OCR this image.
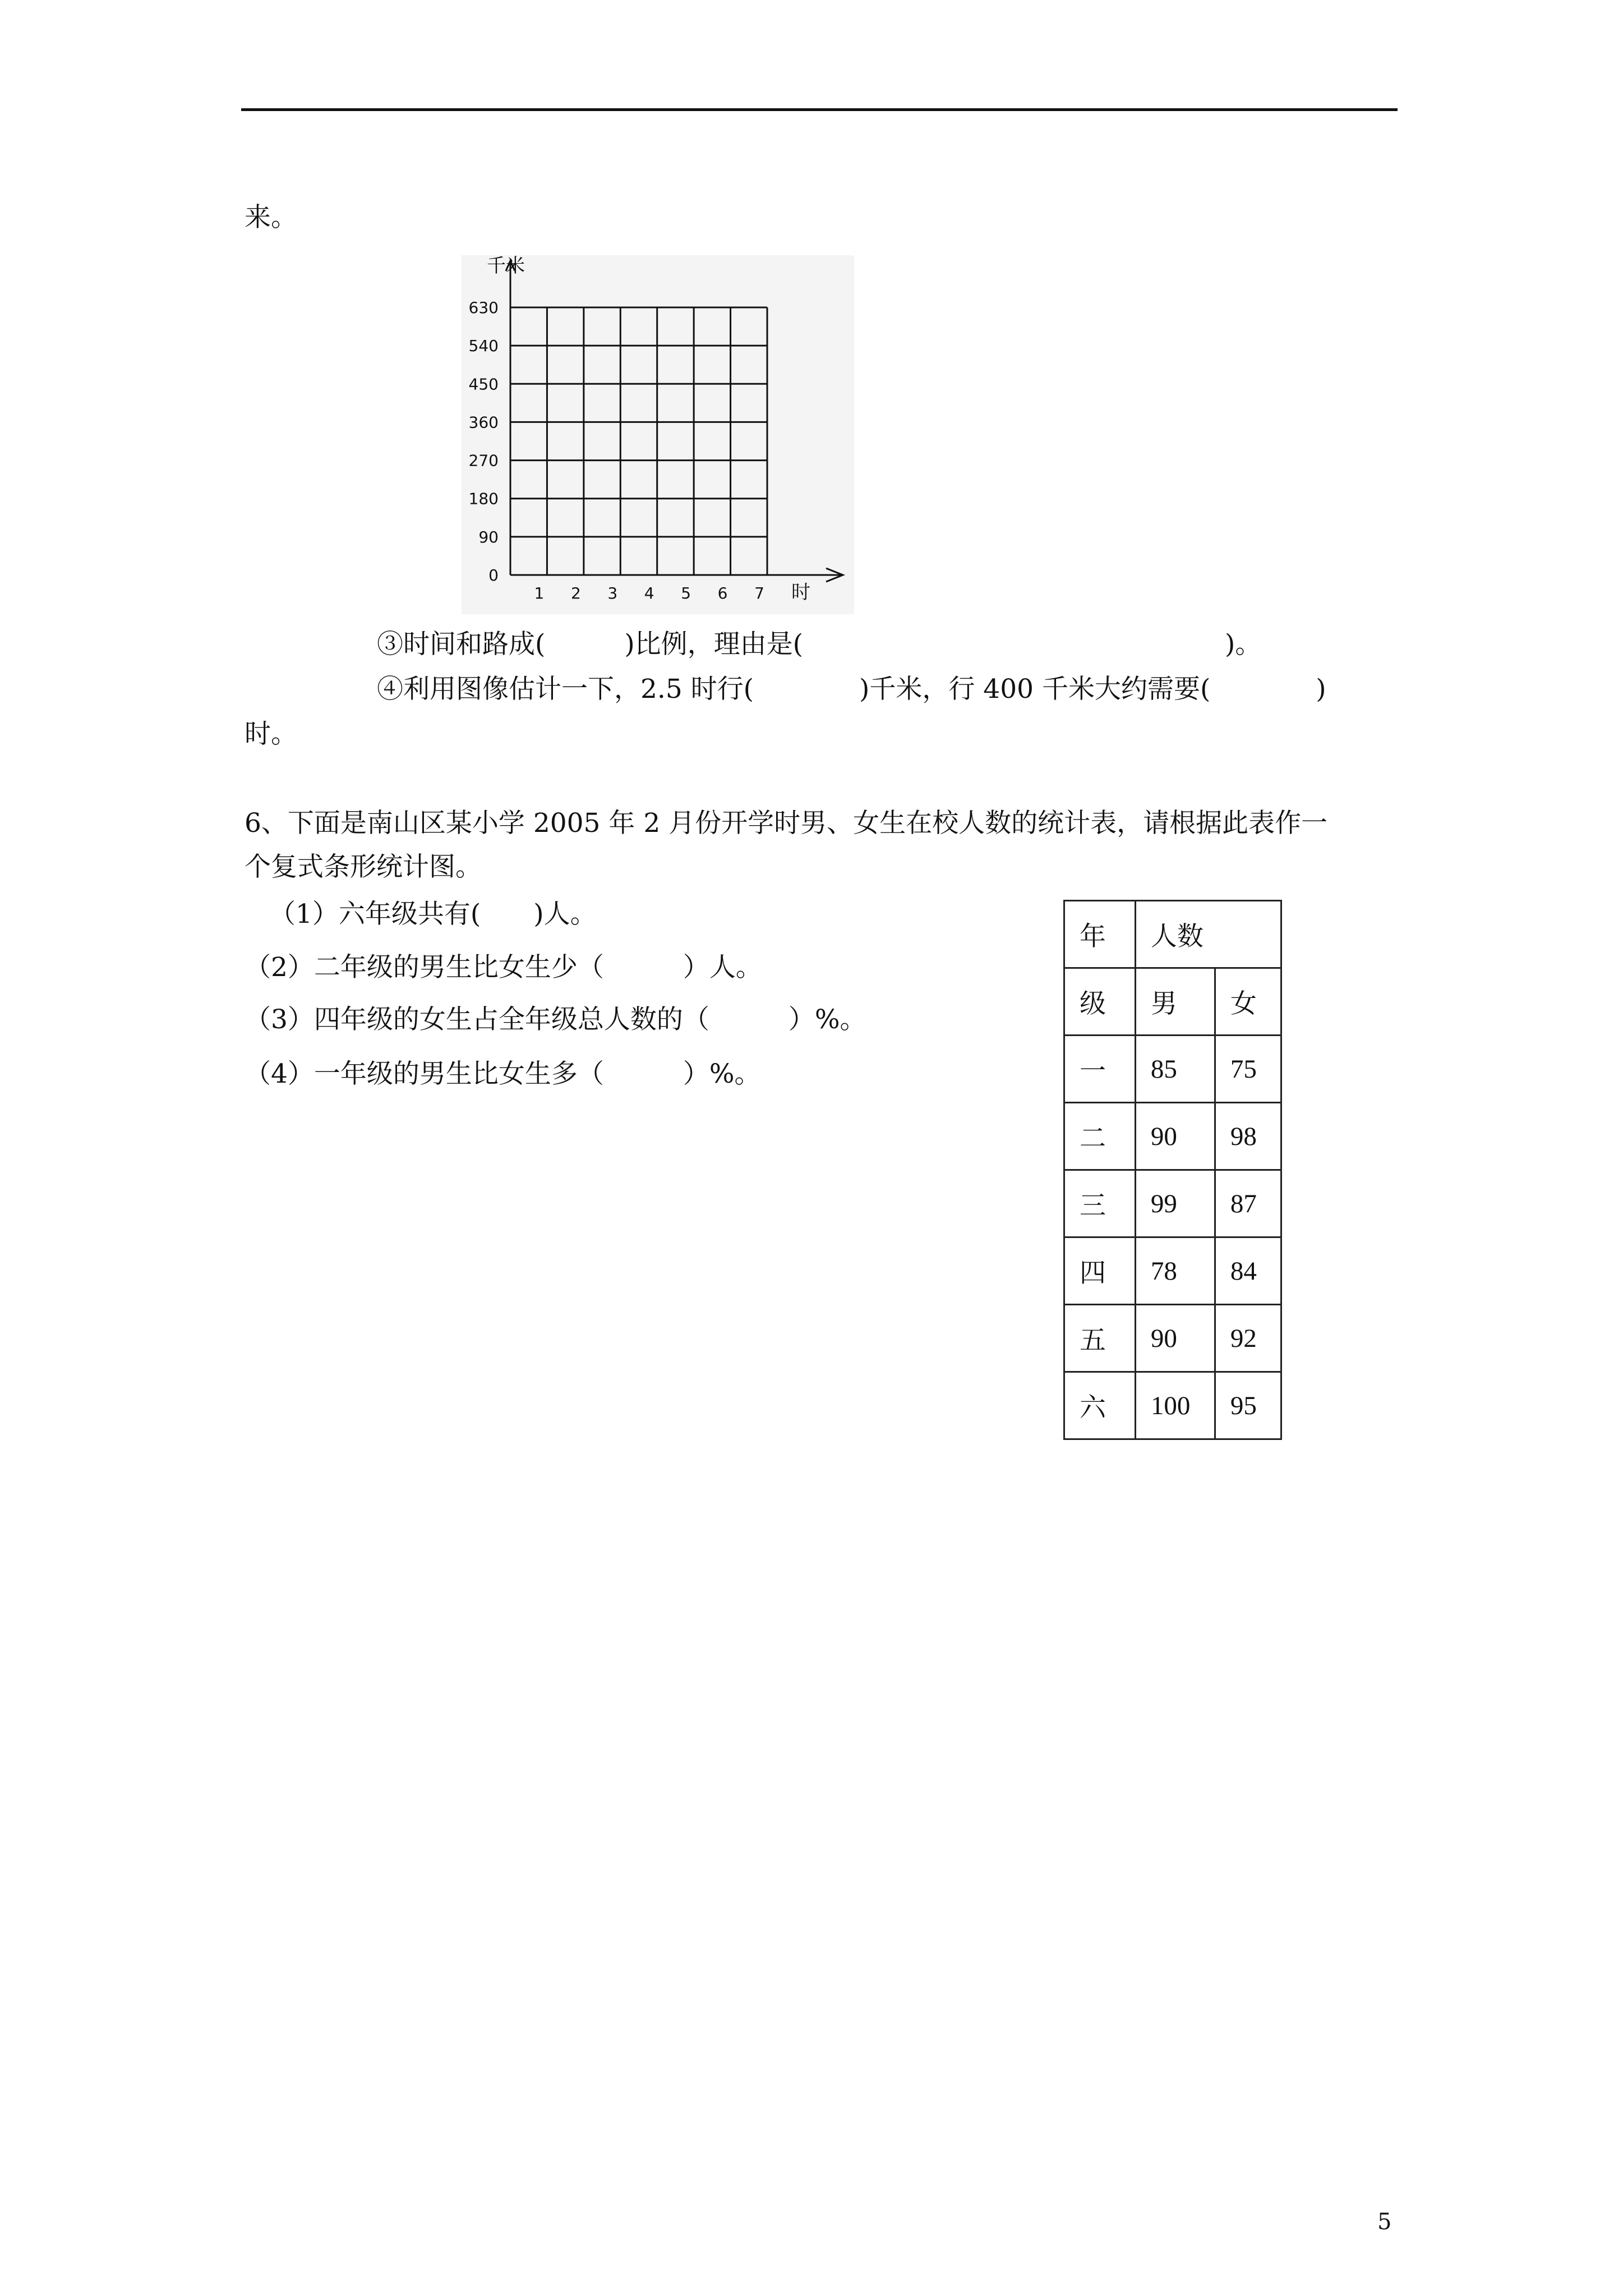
来。
0
90
180
270
360
450
540
630
1 2 3 4 5 6 7
千米
时
③时间和路成(　　　)比例，理由是(　　　　　　　　　　　　　　　　)。
④利用图像估计一下，2.5 时行(　　　　)千米，行 400 千米大约需要(　　　　)
时。
6、下面是南山区某小学 2005 年 2 月份开学时男、女生在校人数的统计表，请根据此表作一
个复式条形统计图。
（1）六年级共有(　　)人。
（2）二年级的男生比女生少（　　　）人。
（3）四年级的女生占全年级总人数的（　　　）%。
（4）一年级的男生比女生多（　　　）%。
年	人数	
级	男	女
一	85	75
二	90	98
三	99	87
四	78	84
五	90	92
六	100	95
5
